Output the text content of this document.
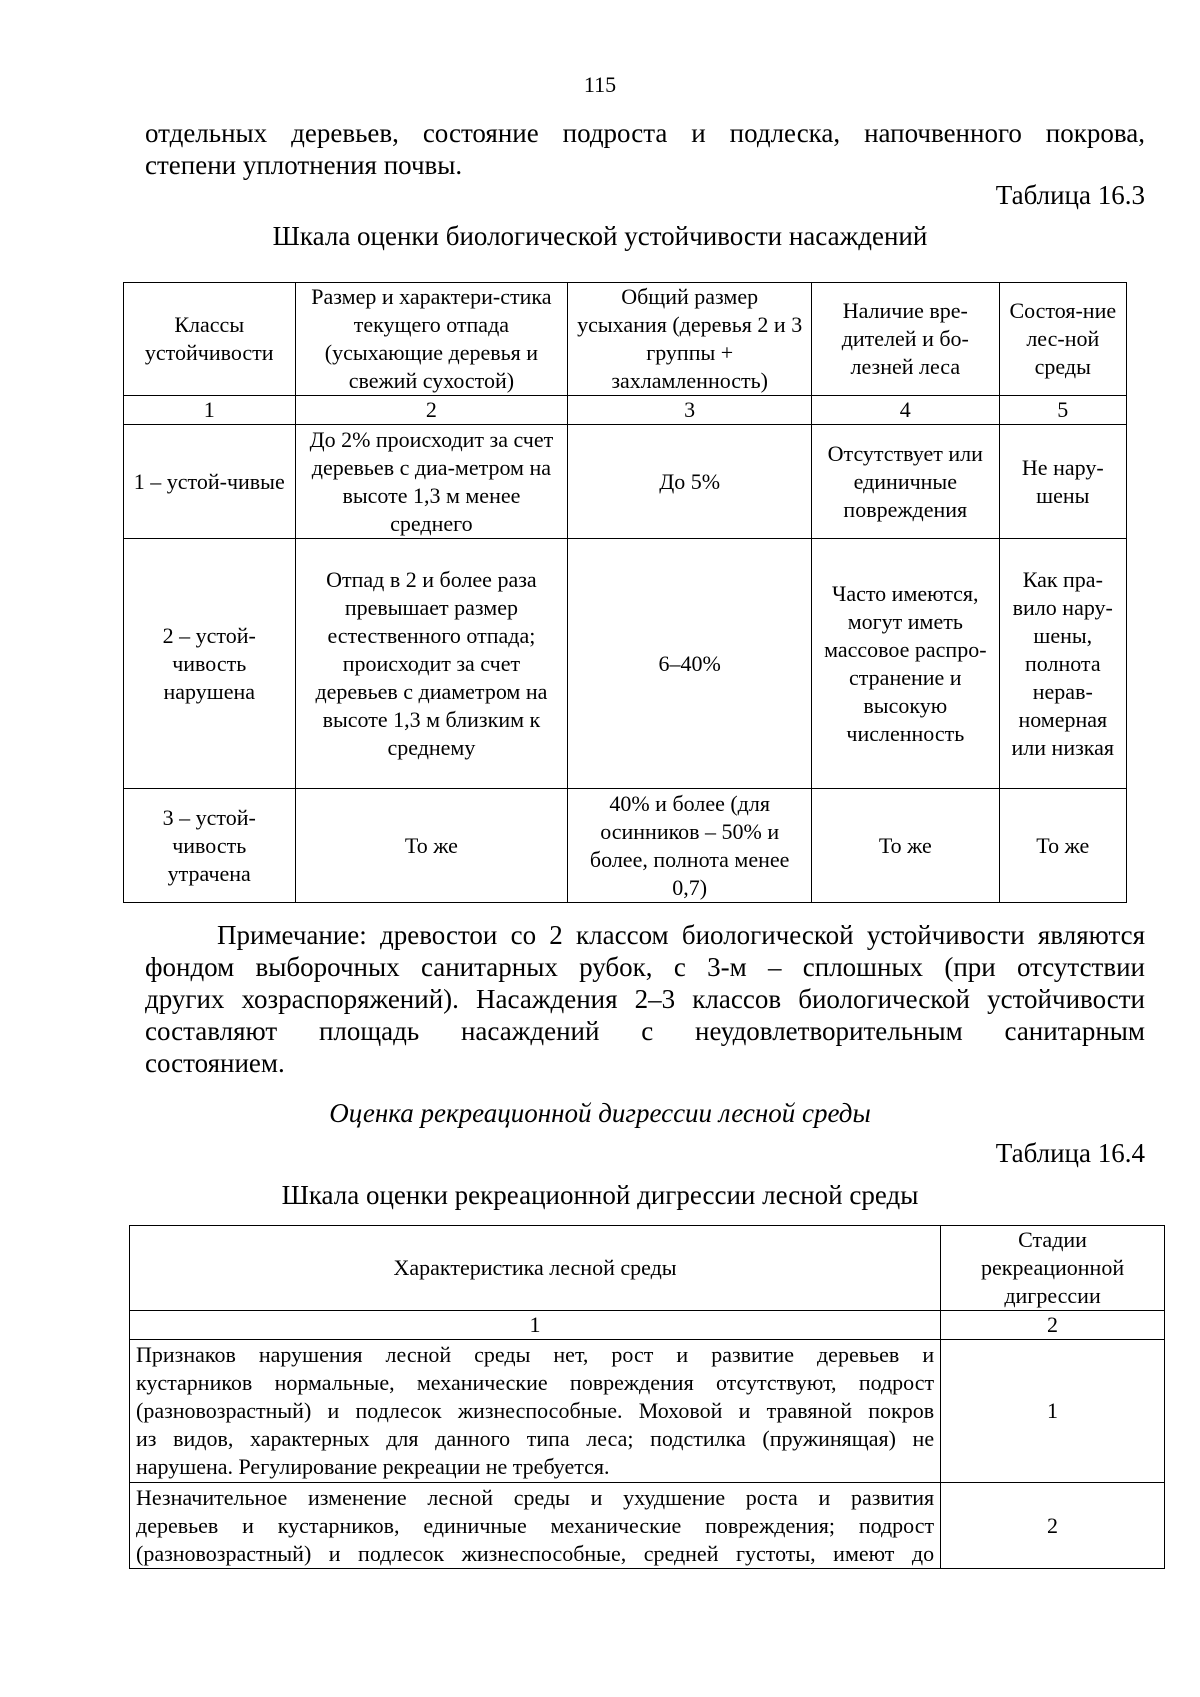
115
отдельных деревьев, состояние подроста и подлеска, напочвенного покрова,
степени уплотнения почвы.
Таблица 16.3
Шкала оценки биологической устойчивости насаждений
Классы устойчивости	Размер и характери-стика текущего отпада (усыхающие деревья и свежий сухостой)	Общий размер усыхания (деревья 2 и 3 группы + захламленность)	Наличие вре-дителей и бо-лезней леса	Состоя-ние лес-ной среды
1	2	3	4	5
1 – устой-чивые	До 2% происходит за счет деревьев с диа-метром на высоте 1,3 м менее среднего	До 5%	Отсутствует или единичные повреждения	Не нару-шены
2 – устой-чивость нарушена	Отпад в 2 и более раза превышает размер естественного отпада; происходит за счет деревьев с диаметром на высоте 1,3 м близким к среднему	6–40%	Часто имеются, могут иметь массовое распро-странение и высокую численность	Как пра-вило нару-шены, полнота нерав-номерная или низкая
3 – устой-чивость утрачена	То же	40% и более (для осинников – 50% и более, полнота менее 0,7)	То же	То же
Примечание: древостои со 2 классом биологической устойчивости являются
фондом выборочных санитарных рубок, с 3-м – сплошных (при отсутствии
других хозраспоряжений). Насаждения 2–3 классов биологической устойчивости
составляют площадь насаждений с неудовлетворительным санитарным
состоянием.
Оценка рекреационной дигрессии лесной среды
Таблица 16.4
Шкала оценки рекреационной дигрессии лесной среды
Характеристика лесной среды	Стадии рекреационной дигрессии
1	2

Признаков нарушения лесной среды нет, рост и развитие деревьев и
кустарников нормальные, механические повреждения отсутствуют, подрост
(разновозрастный) и подлесок жизнеспособные. Моховой и травяной покров
из видов, характерных для данного типа леса; подстилка (пружинящая) не
нарушена. Регулирование рекреации не требуется.	1

Незначительное изменение лесной среды и ухудшение роста и развития
деревьев и кустарников, единичные механические повреждения; подрост
(разновозрастный) и подлесок жизнеспособные, средней густоты, имеют до	2
